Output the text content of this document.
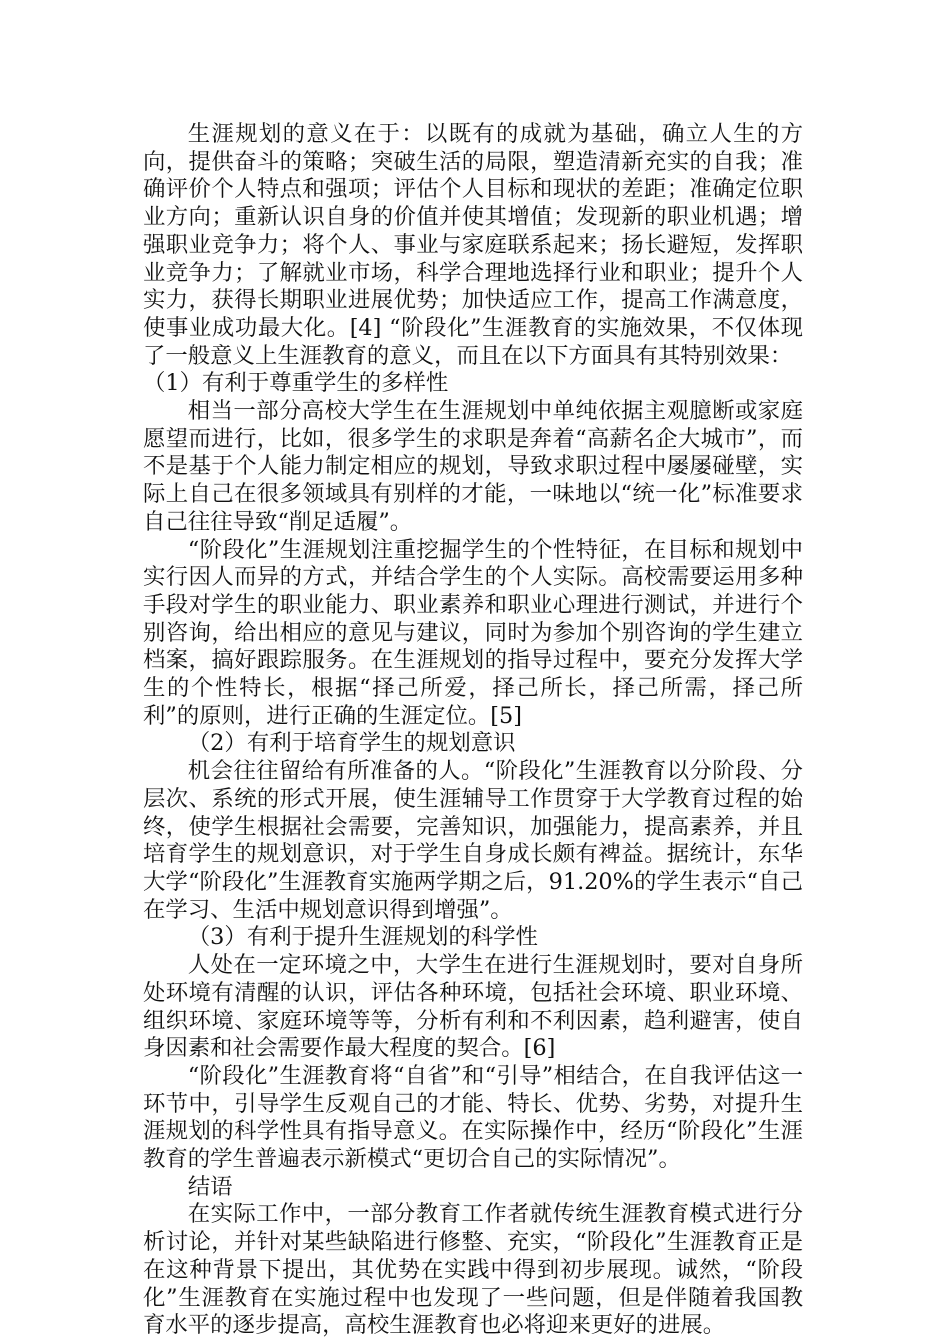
生涯规划的意义在于：以既有的成就为基础，确立人生的方向，提供奋斗的策略；突破生活的局限，塑造清新充实的自我；准确评价个人特点和强项；评估个人目标和现状的差距；准确定位职业方向；重新认识自身的价值并使其增值；发现新的职业机遇；增强职业竞争力；将个人、事业与家庭联系起来；扬长避短，发挥职业竞争力；了解就业市场，科学合理地选择行业和职业；提升个人实力，获得长期职业进展优势；加快适应工作，提高工作满意度，使事业成功最大化。[4] “阶段化”生涯教育的实施效果，不仅体现了一般意义上生涯教育的意义，而且在以下方面具有其特别效果：

（1）有利于尊重学生的多样性

相当一部分高校大学生在生涯规划中单纯依据主观臆断或家庭愿望而进行，比如，很多学生的求职是奔着“高薪名企大城市”，而不是基于个人能力制定相应的规划，导致求职过程中屡屡碰壁，实际上自己在很多领域具有别样的才能，一味地以“统一化”标准要求自己往往导致“削足适履”。

“阶段化”生涯规划注重挖掘学生的个性特征，在目标和规划中实行因人而异的方式，并结合学生的个人实际。高校需要运用多种手段对学生的职业能力、职业素养和职业心理进行测试，并进行个别咨询，给出相应的意见与建议，同时为参加个别咨询的学生建立档案，搞好跟踪服务。在生涯规划的指导过程中，要充分发挥大学生的个性特长，根据“择己所爱，择己所长，择己所需，择己所利”的原则，进行正确的生涯定位。[5]

（2）有利于培育学生的规划意识

机会往往留给有所准备的人。“阶段化”生涯教育以分阶段、分层次、系统的形式开展，使生涯辅导工作贯穿于大学教育过程的始终，使学生根据社会需要，完善知识，加强能力，提高素养，并且培育学生的规划意识，对于学生自身成长颇有裨益。据统计，东华大学“阶段化”生涯教育实施两学期之后，91.20%的学生表示“自己在学习、生活中规划意识得到增强”。

（3）有利于提升生涯规划的科学性

人处在一定环境之中，大学生在进行生涯规划时，要对自身所处环境有清醒的认识，评估各种环境，包括社会环境、职业环境、组织环境、家庭环境等等，分析有利和不利因素，趋利避害，使自身因素和社会需要作最大程度的契合。[6]

“阶段化”生涯教育将“自省”和“引导”相结合，在自我评估这一环节中，引导学生反观自己的才能、特长、优势、劣势，对提升生涯规划的科学性具有指导意义。在实际操作中，经历“阶段化”生涯教育的学生普遍表示新模式“更切合自己的实际情况”。

结语

在实际工作中，一部分教育工作者就传统生涯教育模式进行分析讨论，并针对某些缺陷进行修整、充实，“阶段化”生涯教育正是在这种背景下提出，其优势在实践中得到初步展现。诚然，“阶段化”生涯教育在实施过程中也发现了一些问题，但是伴随着我国教育水平的逐步提高，高校生涯教育也必将迎来更好的进展。
